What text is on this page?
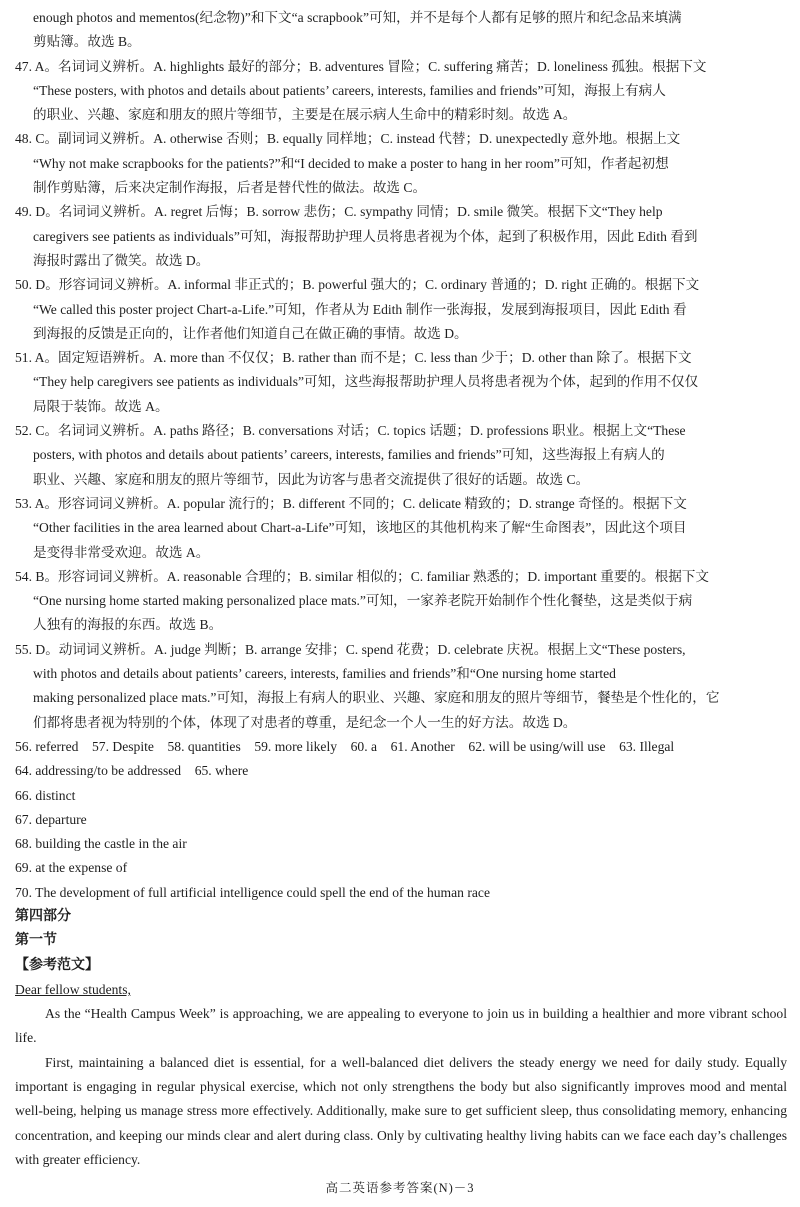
enough photos and mementos(纪念物)”和下文“a scrapbook”可知，并不是每个人都有足够的照片和纪念品来填满
剪贴簿。故选 B。
47. A。名词词义辨析。A. highlights 最好的部分；B. adventures 冒险；C. suffering 痛苦；D. loneliness 孤独。根据下文
“These posters, with photos and details about patients’ careers, interests, families and friends”可知，海报上有病人
的职业、兴趣、家庭和朋友的照片等细节，主要是在展示病人生命中的精彩时刻。故选 A。
48. C。副词词义辨析。A. otherwise 否则；B. equally 同样地；C. instead 代替；D. unexpectedly 意外地。根据上文
“Why not make scrapbooks for the patients?”和“I decided to make a poster to hang in her room”可知，作者起初想
制作剪贴簿，后来决定制作海报，后者是替代性的做法。故选 C。
49. D。名词词义辨析。A. regret 后悔；B. sorrow 悲伤；C. sympathy 同情；D. smile 微笑。根据下文“They help
caregivers see patients as individuals”可知，海报帮助护理人员将患者视为个体，起到了积极作用，因此 Edith 看到
海报时露出了微笑。故选 D。
50. D。形容词词义辨析。A. informal 非正式的；B. powerful 强大的；C. ordinary 普通的；D. right 正确的。根据下文
“We called this poster project Chart-a-Life.”可知，作者从为 Edith 制作一张海报，发展到海报项目，因此 Edith 看
到海报的反馈是正向的，让作者他们知道自己在做正确的事情。故选 D。
51. A。固定短语辨析。A. more than 不仅仅；B. rather than 而不是；C. less than 少于；D. other than 除了。根据下文
“They help caregivers see patients as individuals”可知，这些海报帮助护理人员将患者视为个体，起到的作用不仅仅
局限于装饰。故选 A。
52. C。名词词义辨析。A. paths 路径；B. conversations 对话；C. topics 话题；D. professions 职业。根据上文“These
posters, with photos and details about patients’ careers, interests, families and friends”可知，这些海报上有病人的
职业、兴趣、家庭和朋友的照片等细节，因此为访客与患者交流提供了很好的话题。故选 C。
53. A。形容词词义辨析。A. popular 流行的；B. different 不同的；C. delicate 精致的；D. strange 奇怪的。根据下文
“Other facilities in the area learned about Chart-a-Life”可知，该地区的其他机构来了解“生命图表”，因此这个项目
是变得非常受欢迎。故选 A。
54. B。形容词词义辨析。A. reasonable 合理的；B. similar 相似的；C. familiar 熟悉的；D. important 重要的。根据下文
“One nursing home started making personalized place mats.”可知，一家养老院开始制作个性化餐垫，这是类似于病
人独有的海报的东西。故选 B。
55. D。动词词义辨析。A. judge 判断；B. arrange 安排；C. spend 花费；D. celebrate 庆祝。根据上文“These posters,
with photos and details about patients’ careers, interests, families and friends”和“One nursing home started
making personalized place mats.”可知，海报上有病人的职业、兴趣、家庭和朋友的照片等细节，餐垫是个性化的，它
们都将患者视为特别的个体，体现了对患者的尊重，是纪念一个人一生的好方法。故选 D。
56. referred　57. Despite　58. quantities　59. more likely　60. a　61. Another　62. will be using/will use　63. Illegal
64. addressing/to be addressed　65. where
66. distinct
67. departure
68. building the castle in the air
69. at the expense of
70. The development of full artificial intelligence could spell the end of the human race
第四部分
第一节
【参考范文】
Dear fellow students,
As the “Health Campus Week” is approaching, we are appealing to everyone to join us in building a healthier and more vibrant school life.
First, maintaining a balanced diet is essential, for a well-balanced diet delivers the steady energy we need for daily study. Equally important is engaging in regular physical exercise, which not only strengthens the body but also significantly improves mood and mental well-being, helping us manage stress more effectively. Additionally, make sure to get sufficient sleep, thus consolidating memory, enhancing concentration, and keeping our minds clear and alert during class. Only by cultivating healthy living habits can we face each day’s challenges with greater efficiency.
高二英语参考答案(N)－3
